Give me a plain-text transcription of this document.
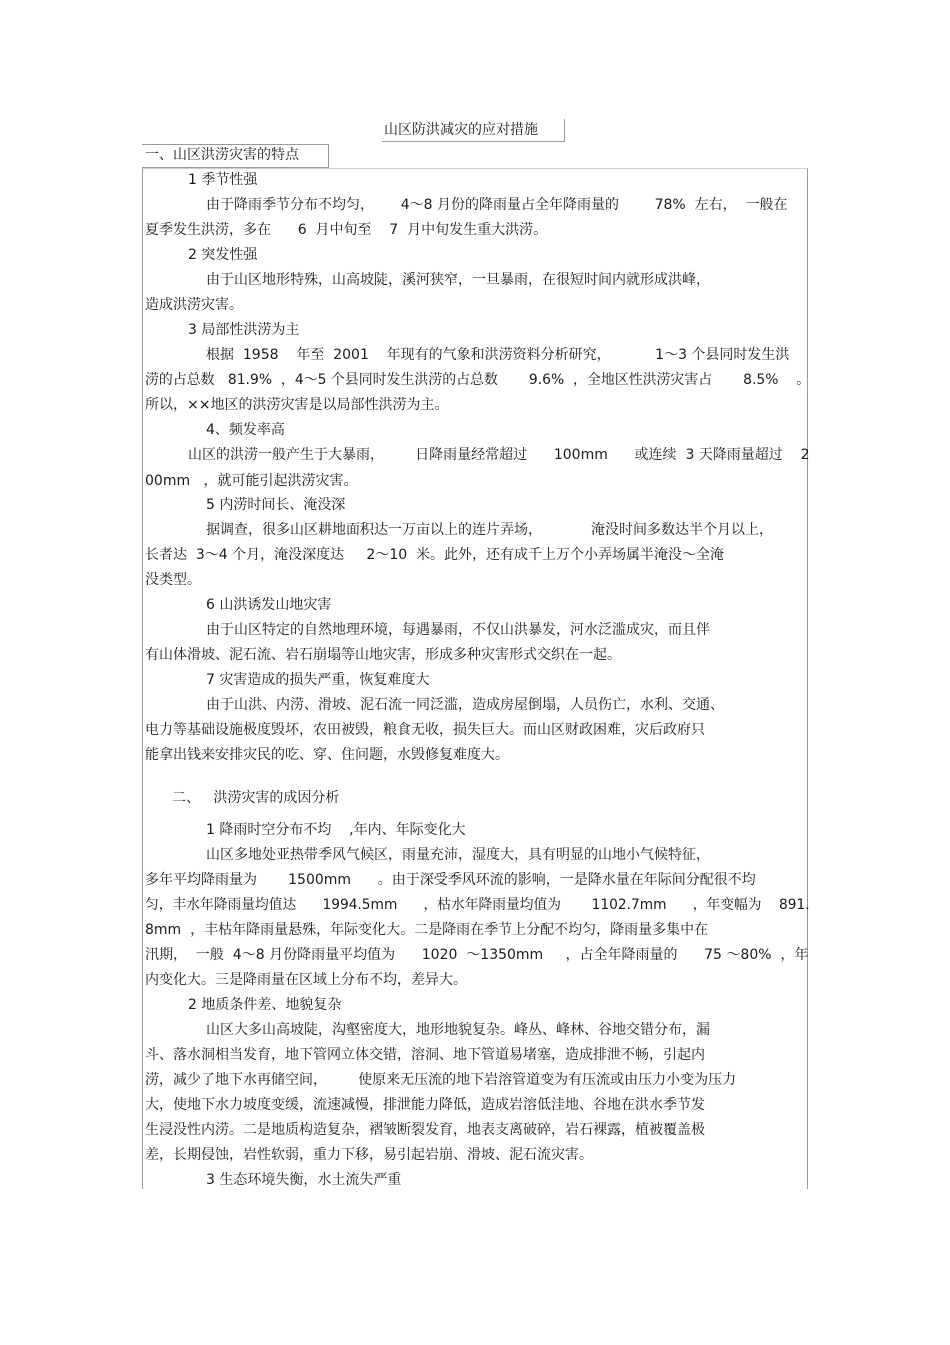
山区防洪减灾的应对措施
一、山区洪涝灾害的特点
1 季节性强
由于降雨季节分布不均匀，      4～8 月份的降雨量占全年降雨量的        78%  左右，  一般在
夏季发生洪涝，多在      6  月中旬至    7  月中旬发生重大洪涝。
2 突发性强
由于山区地形特殊，山高坡陡，溪河狭窄，一旦暴雨，在很短时间内就形成洪峰，
造成洪涝灾害。
3 局部性洪涝为主
根据  1958    年至  2001    年现有的气象和洪涝资料分析研究，          1～3 个县同时发生洪
涝的占总数   81.9%  ，4～5 个县同时发生洪涝的占总数       9.6%  ，全地区性洪涝灾害占       8.5%    。
所以，××地区的洪涝灾害是以局部性洪涝为主。
4、频发率高
山区的洪涝一般产生于大暴雨，       日降雨量经常超过      100mm      或连续  3 天降雨量超过    2
00mm   ，就可能引起洪涝灾害。
5 内涝时间长、淹没深
据调查，很多山区耕地面积达一万亩以上的连片弄场，           淹没时间多数达半个月以上，
长者达  3～4 个月，淹没深度达     2～10  米。此外，还有成千上万个小弄场属半淹没～全淹
没类型。
6 山洪诱发山地灾害
由于山区特定的自然地理环境，每遇暴雨，不仅山洪暴发，河水泛滥成灾，而且伴
有山体滑坡、泥石流、岩石崩塌等山地灾害，形成多种灾害形式交织在一起。
7 灾害造成的损失严重，恢复难度大
由于山洪、内涝、滑坡、泥石流一同泛滥，造成房屋倒塌，人员伤亡，水利、交通、
电力等基础设施极度毁坏，农田被毁，粮食无收，损失巨大。而山区财政困难，灾后政府只
能拿出钱来安排灾民的吃、穿、住问题，水毁修复难度大。
二、   洪涝灾害的成因分析
1 降雨时空分布不均    ,年内、年际变化大
山区多地处亚热带季风气候区，雨量充沛，湿度大，具有明显的山地小气候特征，
多年平均降雨量为       1500mm      。由于深受季风环流的影响，一是降水量在年际间分配很不均
匀，丰水年降雨量均值达      1994.5mm      ，枯水年降雨量均值为       1102.7mm      ，年变幅为    891.
8mm  ，丰枯年降雨量悬殊，年际变化大。二是降雨在季节上分配不均匀，降雨量多集中在
汛期，  一般  4～8 月份降雨量平均值为      1020  ～1350mm     ，占全年降雨量的      75 ～80%  ，年
内变化大。三是降雨量在区域上分布不均，差异大。
2 地质条件差、地貌复杂
山区大多山高坡陡，沟壑密度大，地形地貌复杂。峰丛、峰林、谷地交错分布，漏
斗、落水洞相当发育，地下管网立体交错，溶洞、地下管道易堵塞，造成排泄不畅，引起内
涝，减少了地下水再储空间，       使原来无压流的地下岩溶管道变为有压流或由压力小变为压力
大，使地下水力坡度变缓，流速减慢，排泄能力降低，造成岩溶低洼地、谷地在洪水季节发
生浸没性内涝。二是地质构造复杂，褶皱断裂发育，地表支离破碎，岩石裸露，植被覆盖极
差，长期侵蚀，岩性软弱，重力下移，易引起岩崩、滑坡、泥石流灾害。
3 生态环境失衡，水土流失严重
